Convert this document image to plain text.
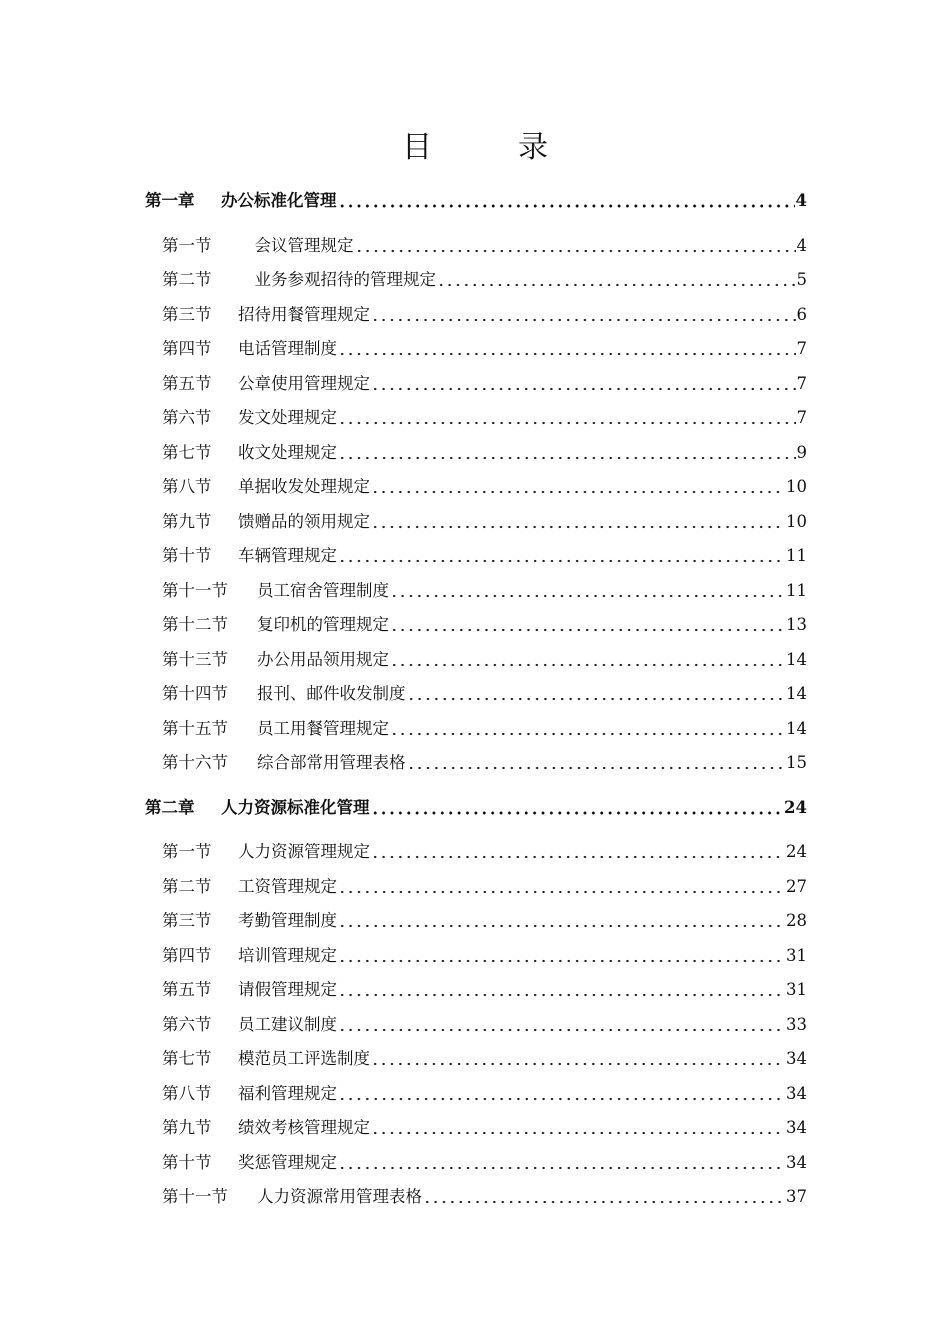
目　录
第一章	办公标准化管理	4
第一节	　会议管理规定	4
第二节	　业务参观招待的管理规定	5
第三节	招待用餐管理规定	6
第四节	电话管理制度	7
第五节	公章使用管理规定	7
第六节	发文处理规定	7
第七节	收文处理规定	9
第八节	单据收发处理规定	10
第九节	馈赠品的领用规定	10
第十节	车辆管理规定	11
第十一节	员工宿舍管理制度	11
第十二节	复印机的管理规定	13
第十三节	办公用品领用规定	14
第十四节	报刊、邮件收发制度	14
第十五节	员工用餐管理规定	14
第十六节	综合部常用管理表格	15
第二章	人力资源标准化管理	24
第一节	人力资源管理规定	24
第二节	工资管理规定	27
第三节	考勤管理制度	28
第四节	培训管理规定	31
第五节	请假管理规定	31
第六节	员工建议制度	33
第七节	模范员工评选制度	34
第八节	福利管理规定	34
第九节	绩效考核管理规定	34
第十节	奖惩管理规定	34
第十一节	人力资源常用管理表格	37
